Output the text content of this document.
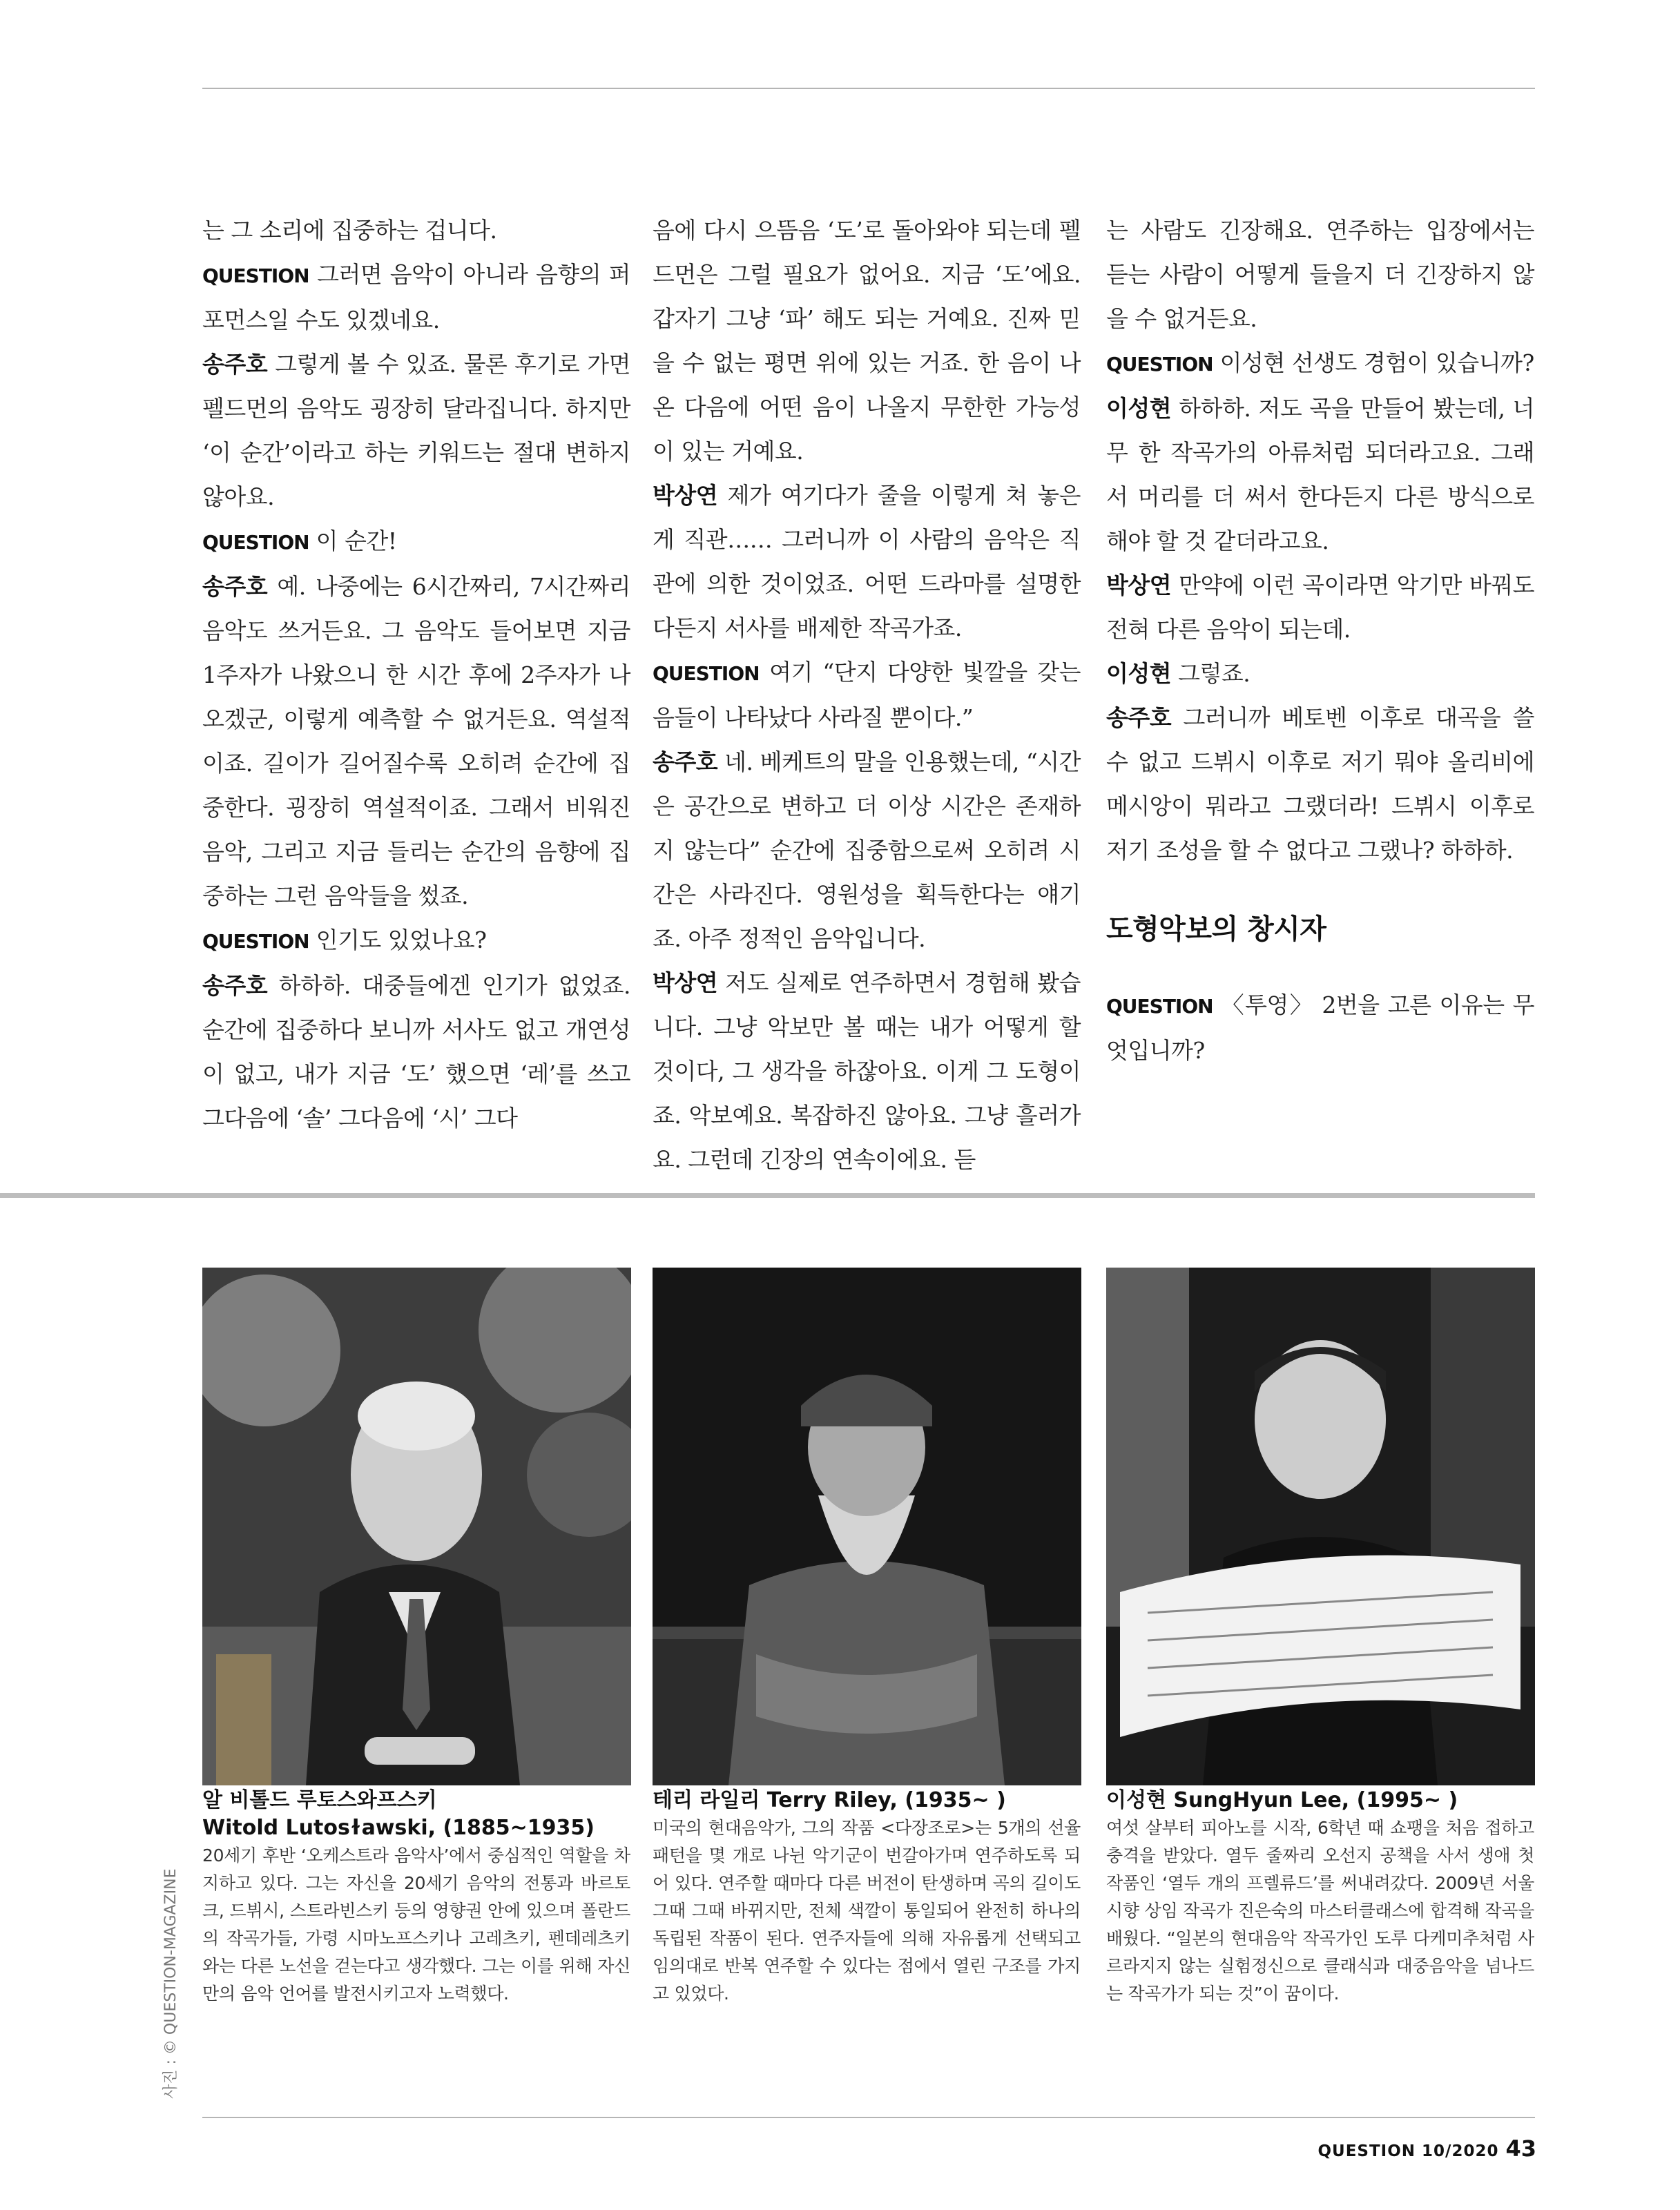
는 그 소리에 집중하는 겁니다.

QUESTION 그러면 음악이 아니라 음향의 퍼포먼스일 수도 있겠네요.

송주호 그렇게 볼 수 있죠. 물론 후기로 가면 펠드먼의 음악도 굉장히 달라집니다. 하지만 ‘이 순간’이라고 하는 키워드는 절대 변하지 않아요.

QUESTION 이 순간!

송주호 예. 나중에는 6시간짜리, 7시간짜리 음악도 쓰거든요. 그 음악도 들어보면 지금 1주자가 나왔으니 한 시간 후에 2주자가 나오겠군, 이렇게 예측할 수 없거든요. 역설적이죠. 길이가 길어질수록 오히려 순간에 집중한다. 굉장히 역설적이죠. 그래서 비워진 음악, 그리고 지금 들리는 순간의 음향에 집중하는 그런 음악들을 썼죠.

QUESTION 인기도 있었나요?

송주호 하하하. 대중들에겐 인기가 없었죠. 순간에 집중하다 보니까 서사도 없고 개연성이 없고, 내가 지금 ‘도’ 했으면 ‘레’를 쓰고 그다음에 ‘솔’ 그다음에 ‘시’ 그다

음에 다시 으뜸음 ‘도’로 돌아와야 되는데 펠드먼은 그럴 필요가 없어요. 지금 ‘도’에요. 갑자기 그냥 ‘파’ 해도 되는 거예요. 진짜 믿을 수 없는 평면 위에 있는 거죠. 한 음이 나온 다음에 어떤 음이 나올지 무한한 가능성이 있는 거예요.

박상연 제가 여기다가 줄을 이렇게 쳐 놓은 게 직관…… 그러니까 이 사람의 음악은 직관에 의한 것이었죠. 어떤 드라마를 설명한다든지 서사를 배제한 작곡가죠.

QUESTION 여기 “단지 다양한 빛깔을 갖는 음들이 나타났다 사라질 뿐이다.”

송주호 네. 베케트의 말을 인용했는데, “시간은 공간으로 변하고 더 이상 시간은 존재하지 않는다” 순간에 집중함으로써 오히려 시간은 사라진다. 영원성을 획득한다는 얘기죠. 아주 정적인 음악입니다.

박상연 저도 실제로 연주하면서 경험해 봤습니다. 그냥 악보만 볼 때는 내가 어떻게 할 것이다, 그 생각을 하잖아요. 이게 그 도형이죠. 악보예요. 복잡하진 않아요. 그냥 흘러가요. 그런데 긴장의 연속이에요. 듣

는 사람도 긴장해요. 연주하는 입장에서는 듣는 사람이 어떻게 들을지 더 긴장하지 않을 수 없거든요.

QUESTION 이성현 선생도 경험이 있습니까?

이성현 하하하. 저도 곡을 만들어 봤는데, 너무 한 작곡가의 아류처럼 되더라고요. 그래서 머리를 더 써서 한다든지 다른 방식으로 해야 할 것 같더라고요.

박상연 만약에 이런 곡이라면 악기만 바꿔도 전혀 다른 음악이 되는데.

이성현 그렇죠.

송주호 그러니까 베토벤 이후로 대곡을 쓸 수 없고 드뷔시 이후로 저기 뭐야 올리비에 메시앙이 뭐라고 그랬더라! 드뷔시 이후로 저기 조성을 할 수 없다고 그랬나? 하하하.

도형악보의 창시자

QUESTION 〈투영〉 2번을 고른 이유는 무엇입니까?

알 비톨드 루토스와프스키

Witold Lutosɫawski, (1885~1935)

20세기 후반 ‘오케스트라 음악사’에서 중심적인 역할을 차지하고 있다. 그는 자신을 20세기 음악의 전통과 바르토크, 드뷔시, 스트라빈스키 등의 영향권 안에 있으며 폴란드의 작곡가들, 가령 시마노프스키나 고레츠키, 펜데레츠키와는 다른 노선을 걷는다고 생각했다. 그는 이를 위해 자신만의 음악 언어를 발전시키고자 노력했다.

테리 라일리 Terry Riley, (1935~ )

미국의 현대음악가, 그의 작품 <다장조로>는 5개의 선율 패턴을 몇 개로 나뉜 악기군이 번갈아가며 연주하도록 되어 있다. 연주할 때마다 다른 버전이 탄생하며 곡의 길이도 그때 그때 바뀌지만, 전체 색깔이 통일되어 완전히 하나의 독립된 작품이 된다. 연주자들에 의해 자유롭게 선택되고 임의대로 반복 연주할 수 있다는 점에서 열린 구조를 가지고 있었다.

이성현 SungHyun Lee, (1995~ )

여섯 살부터 피아노를 시작, 6학년 때 쇼팽을 처음 접하고 충격을 받았다. 열두 줄짜리 오선지 공책을 사서 생애 첫 작품인 ‘열두 개의 프렐류드’를 써내려갔다. 2009년 서울시향 상임 작곡가 진은숙의 마스터클래스에 합격해 작곡을 배웠다. “일본의 현대음악 작곡가인 도루 다케미추처럼 사르라지지 않는 실험정신으로 클래식과 대중음악을 넘나드는 작곡가가 되는 것”이 꿈이다.

사진 : © QUESTION-MAGAZINE
QUESTION 10/2020 43
